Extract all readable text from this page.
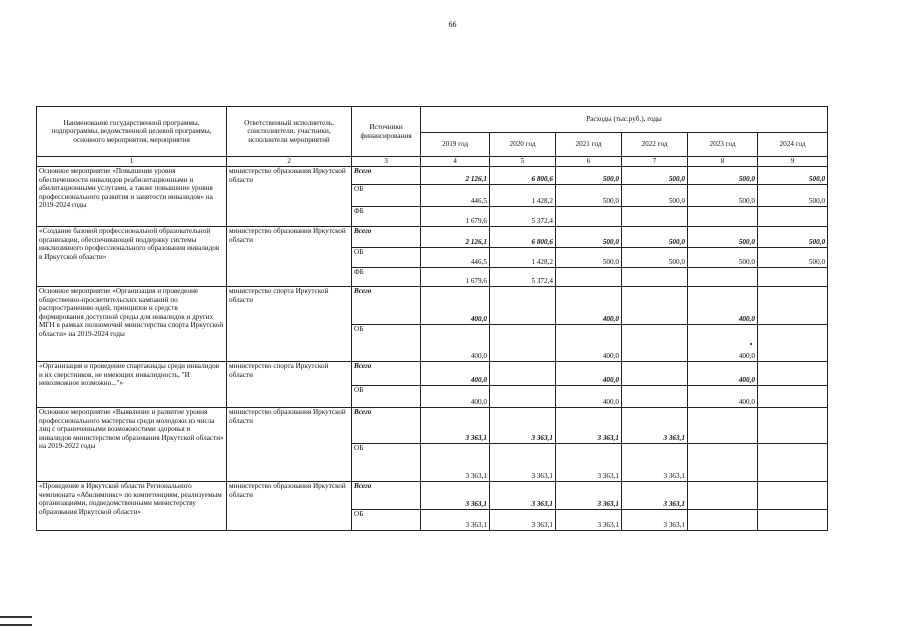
66
Наименование государственной программы, подпрограммы, ведомственной целевой программы, основного мероприятия, мероприятия	Ответственный исполнитель, соисполнители, участники, исполнители мероприятий	Источники финансирования	Расходы (тыс.руб.), годы					
			2019 год	2020 год	2021 год	2022 год	2023 год	2024 год
1	2	3	4	5	6	7	8	9
Основное мероприятие «Повышение уровня обеспеченности инвалидов реабилитационными и абилитационными услугами, а также повышение уровня профессионального развития и занятости инвалидов» на 2019-2024 годы	министерство образования Иркутской области	Всего	2 126,1	6 800,6	500,0	500,0	500,0	500,0
		ОБ	446,5	1 428,2	500,0	500,0	500,0	500,0
		ФБ	1 679,6	5 372,4				
«Создание базовой профессиональной образовательной организации, обеспечивающей поддержку системы инклюзивного профессионального образования инвалидов в Иркутской области»	министерство образования Иркутской области	Всего	2 126,1	6 800,6	500,0	500,0	500,0	500,0
		ОБ	446,5	1 428,2	500,0	500,0	500,0	500,0
		ФБ	1 679,6	5 372,4				
Основное мероприятие «Организация и проведение общественно-просветительских кампаний по распространению идей, принципов и средств формирования доступной среды для инвалидов и других МГН в рамках полномочий министерства спорта Иркутской области» на 2019-2024 годы	министерство спорта Иркутской области	Всего	400,0		400,0		400,0	
		ОБ	400,0		400,0		400,0	
«Организация и проведение спартакиады среди инвалидов и их сверстников, не имеющих инвалидность, "И невозможное возможно..."»	министерство спорта Иркутской области	Всего	400,0		400,0		400,0	
		ОБ	400,0		400,0		400,0	
Основное мероприятие «Выявление и развитие уровня профессионального мастерства среди молодежи из числа лиц с ограниченными возможностями здоровья и инвалидов министерством образования Иркутской области» на 2019-2022 годы	министерство образования Иркутской области	Всего	3 363,1	3 363,1	3 363,1	3 363,1		
		ОБ	3 363,1	3 363,1	3 363,1	3 363,1		
«Проведение в Иркутской области Регионального чемпионата «Абилимпикс» по компетенциям, реализуемым организациями, подведомственными министерству образования Иркутской области»	министерство образования Иркутской области	Всего	3 363,1	3 363,1	3 363,1	3 363,1		
		ОБ	3 363,1	3 363,1	3 363,1	3 363,1		
